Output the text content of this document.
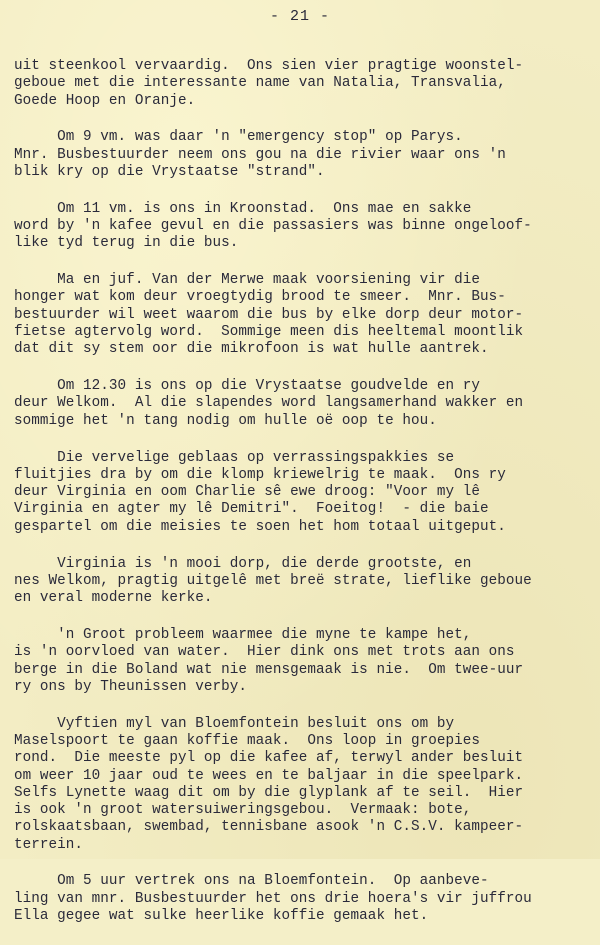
- 21 -

uit steenkool vervaardig.  Ons sien vier pragtige woonstel-
geboue met die interessante name van Natalia, Transvalia,
Goede Hoop en Oranje.

Om 9 vm. was daar 'n "emergency stop" op Parys.
Mnr. Busbestuurder neem ons gou na die rivier waar ons 'n
blik kry op die Vrystaatse "strand".

Om 11 vm. is ons in Kroonstad.  Ons mae en sakke
word by 'n kafee gevul en die passasiers was binne ongeloof-
like tyd terug in die bus.

Ma en juf. Van der Merwe maak voorsiening vir die
honger wat kom deur vroegtydig brood te smeer.  Mnr. Bus-
bestuurder wil weet waarom die bus by elke dorp deur motor-
fietse agtervolg word.  Sommige meen dis heeltemal moontlik
dat dit sy stem oor die mikrofoon is wat hulle aantrek.

Om 12.30 is ons op die Vrystaatse goudvelde en ry
deur Welkom.  Al die slapendes word langsamerhand wakker en
sommige het 'n tang nodig om hulle oë oop te hou.

Die vervelige geblaas op verrassingspakkies se
fluitjies dra by om die klomp kriewelrig te maak.  Ons ry
deur Virginia en oom Charlie sê ewe droog: "Voor my lê
Virginia en agter my lê Demitri".  Foeitog!  - die baie
gespartel om die meisies te soen het hom totaal uitgeput.

Virginia is 'n mooi dorp, die derde grootste, en
nes Welkom, pragtig uitgelê met breë strate, lieflike geboue
en veral moderne kerke.

'n Groot probleem waarmee die myne te kampe het,
is 'n oorvloed van water.  Hier dink ons met trots aan ons
berge in die Boland wat nie mensgemaak is nie.  Om twee-uur
ry ons by Theunissen verby.

Vyftien myl van Bloemfontein besluit ons om by
Maselspoort te gaan koffie maak.  Ons loop in groepies
rond.  Die meeste pyl op die kafee af, terwyl ander besluit
om weer 10 jaar oud te wees en te baljaar in die speelpark.
Selfs Lynette waag dit om by die glyplank af te seil.  Hier
is ook 'n groot watersuiweringsgebou.  Vermaak: bote,
rolskaatsbaan, swembad, tennisbane asook 'n C.S.V. kampeer-
terrein.

Om 5 uur vertrek ons na Bloemfontein.  Op aanbeve-
ling van mnr. Busbestuurder het ons drie hoera's vir juffrou
Ella gegee wat sulke heerlike koffie gemaak het.
